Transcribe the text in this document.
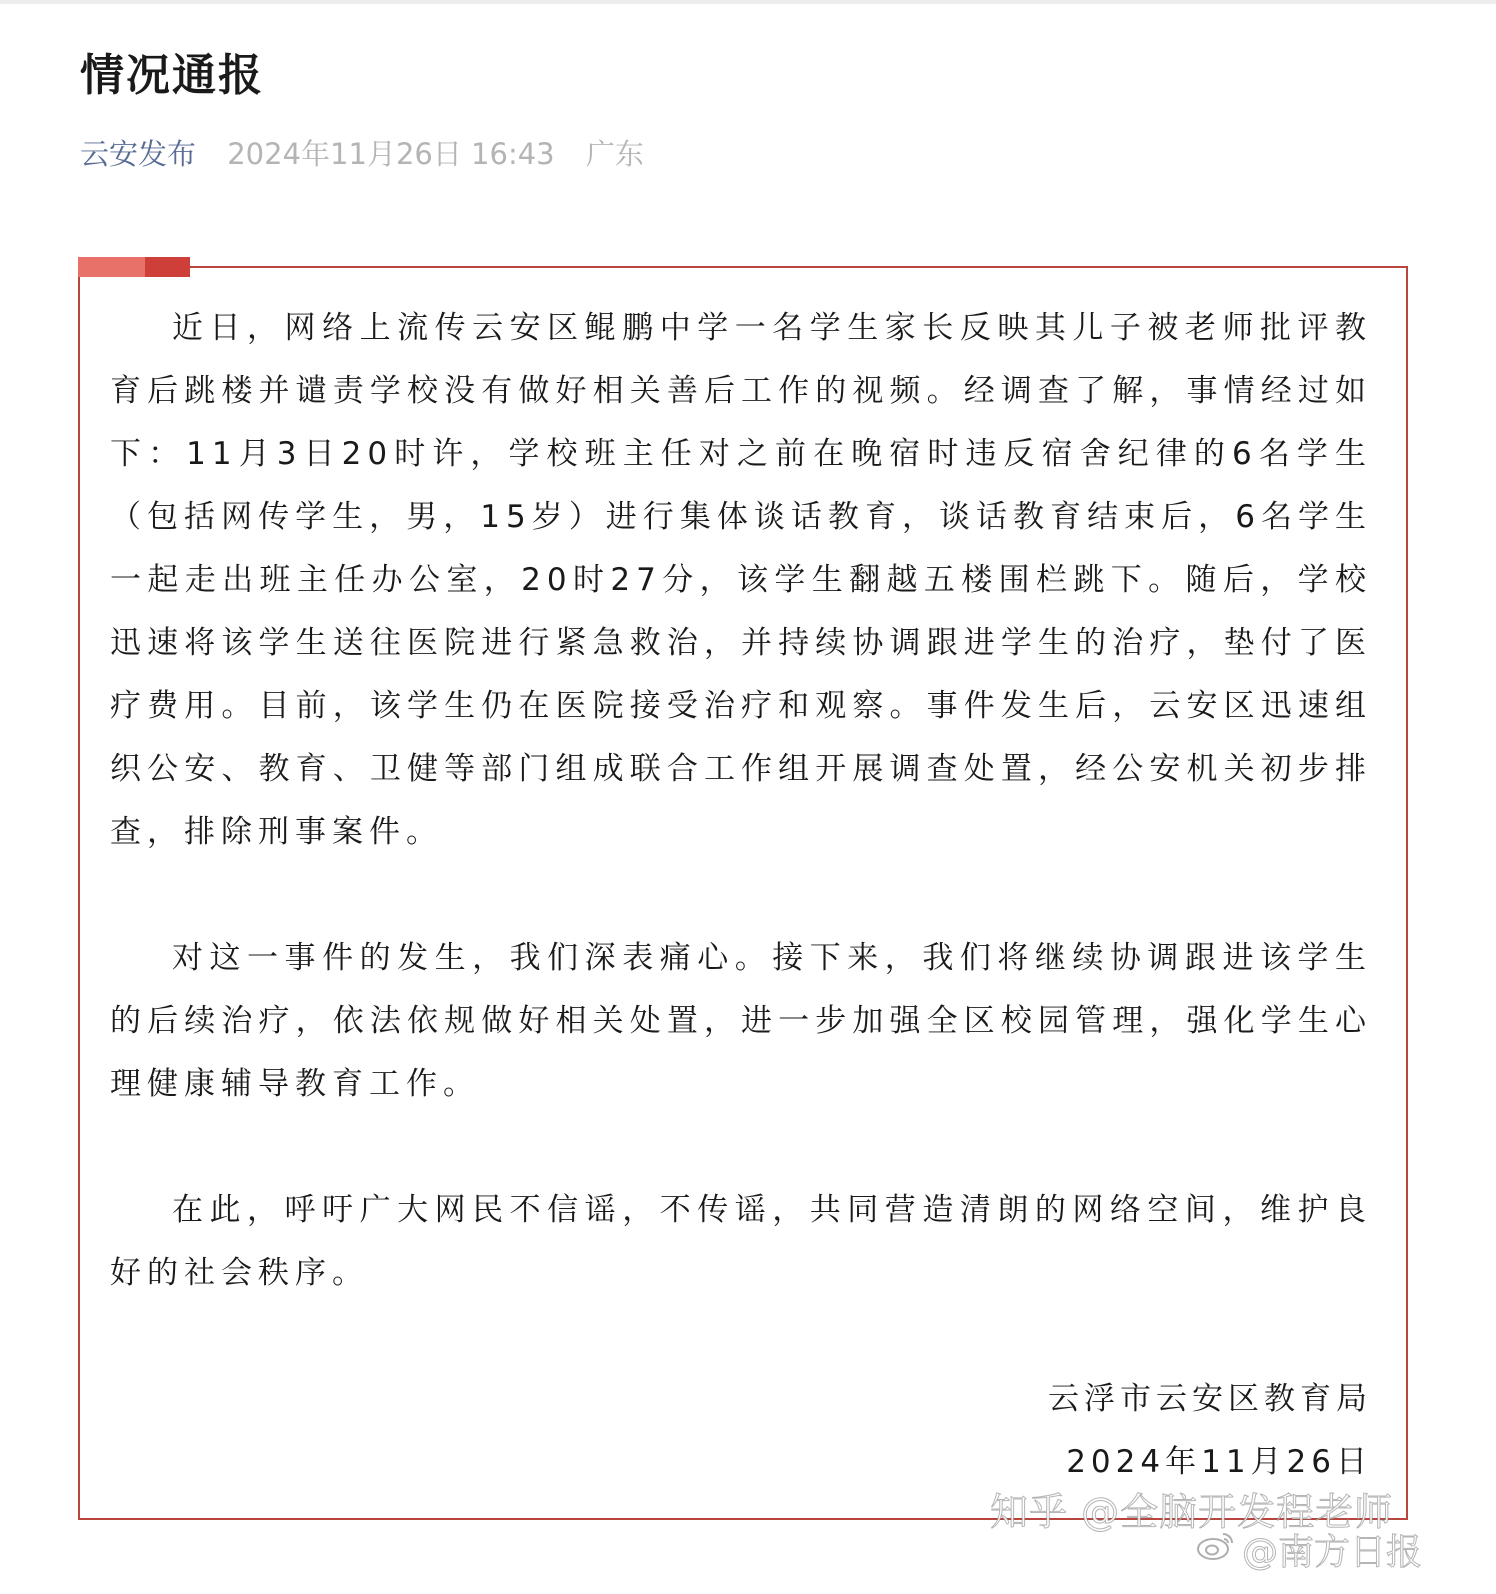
情况通报
云安发布 2024年11月26日 16:43 广东

近日，网络上流传云安区鲲鹏中学一名学生家长反映其儿子被老师批评教育后跳楼并谴责学校没有做好相关善后工作的视频。经调查了解，事情经过如下：11月3日20时许，学校班主任对之前在晚宿时违反宿舍纪律的6名学生（包括网传学生，男，15岁）进行集体谈话教育，谈话教育结束后，6名学生一起走出班主任办公室，20时27分，该学生翻越五楼围栏跳下。随后，学校迅速将该学生送往医院进行紧急救治，并持续协调跟进学生的治疗，垫付了医疗费用。目前，该学生仍在医院接受治疗和观察。事件发生后，云安区迅速组织公安、教育、卫健等部门组成联合工作组开展调查处置，经公安机关初步排查，排除刑事案件。

对这一事件的发生，我们深表痛心。接下来，我们将继续协调跟进该学生的后续治疗，依法依规做好相关处置，进一步加强全区校园管理，强化学生心理健康辅导教育工作。

在此，呼吁广大网民不信谣，不传谣，共同营造清朗的网络空间，维护良好的社会秩序。

云浮市云安区教育局
2024年11月26日
知乎 @全脑开发程老师
@南方日报
